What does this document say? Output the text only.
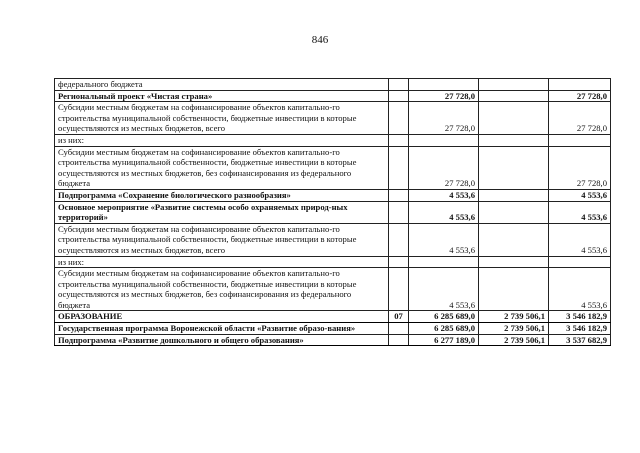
846
федерального бюджета				
Региональный проект «Чистая страна»		27 728,0		27 728,0
Субсидии местным бюджетам на софинансирование объектов капитально-го строительства муниципальной собственности, бюджетные инвестиции в которые осуществляются из местных бюджетов, всего		27 728,0		27 728,0
из них:				
Субсидии местным бюджетам на софинансирование объектов капитально-го строительства муниципальной собственности, бюджетные инвестиции в которые осуществляются из местных бюджетов, без софинансирования из федерального бюджета		27 728,0		27 728,0
Подпрограмма «Сохранение биологического разнообразия»		4 553,6		4 553,6
Основное мероприятие «Развитие системы особо охраняемых природ-ных территорий»		4 553,6		4 553,6
Субсидии местным бюджетам на софинансирование объектов капитально-го строительства муниципальной собственности, бюджетные инвестиции в которые осуществляются из местных бюджетов, всего		4 553,6		4 553,6
из них:				
Субсидии местным бюджетам на софинансирование объектов капитально-го строительства муниципальной собственности, бюджетные инвестиции в которые осуществляются из местных бюджетов, без софинансирования из федерального бюджета		4 553,6		4 553,6
ОБРАЗОВАНИЕ	07	6 285 689,0	2 739 506,1	3 546 182,9
Государственная программа Воронежской области «Развитие образо-вания»		6 285 689,0	2 739 506,1	3 546 182,9
Подпрограмма «Развитие дошкольного и общего образования»		6 277 189,0	2 739 506,1	3 537 682,9
